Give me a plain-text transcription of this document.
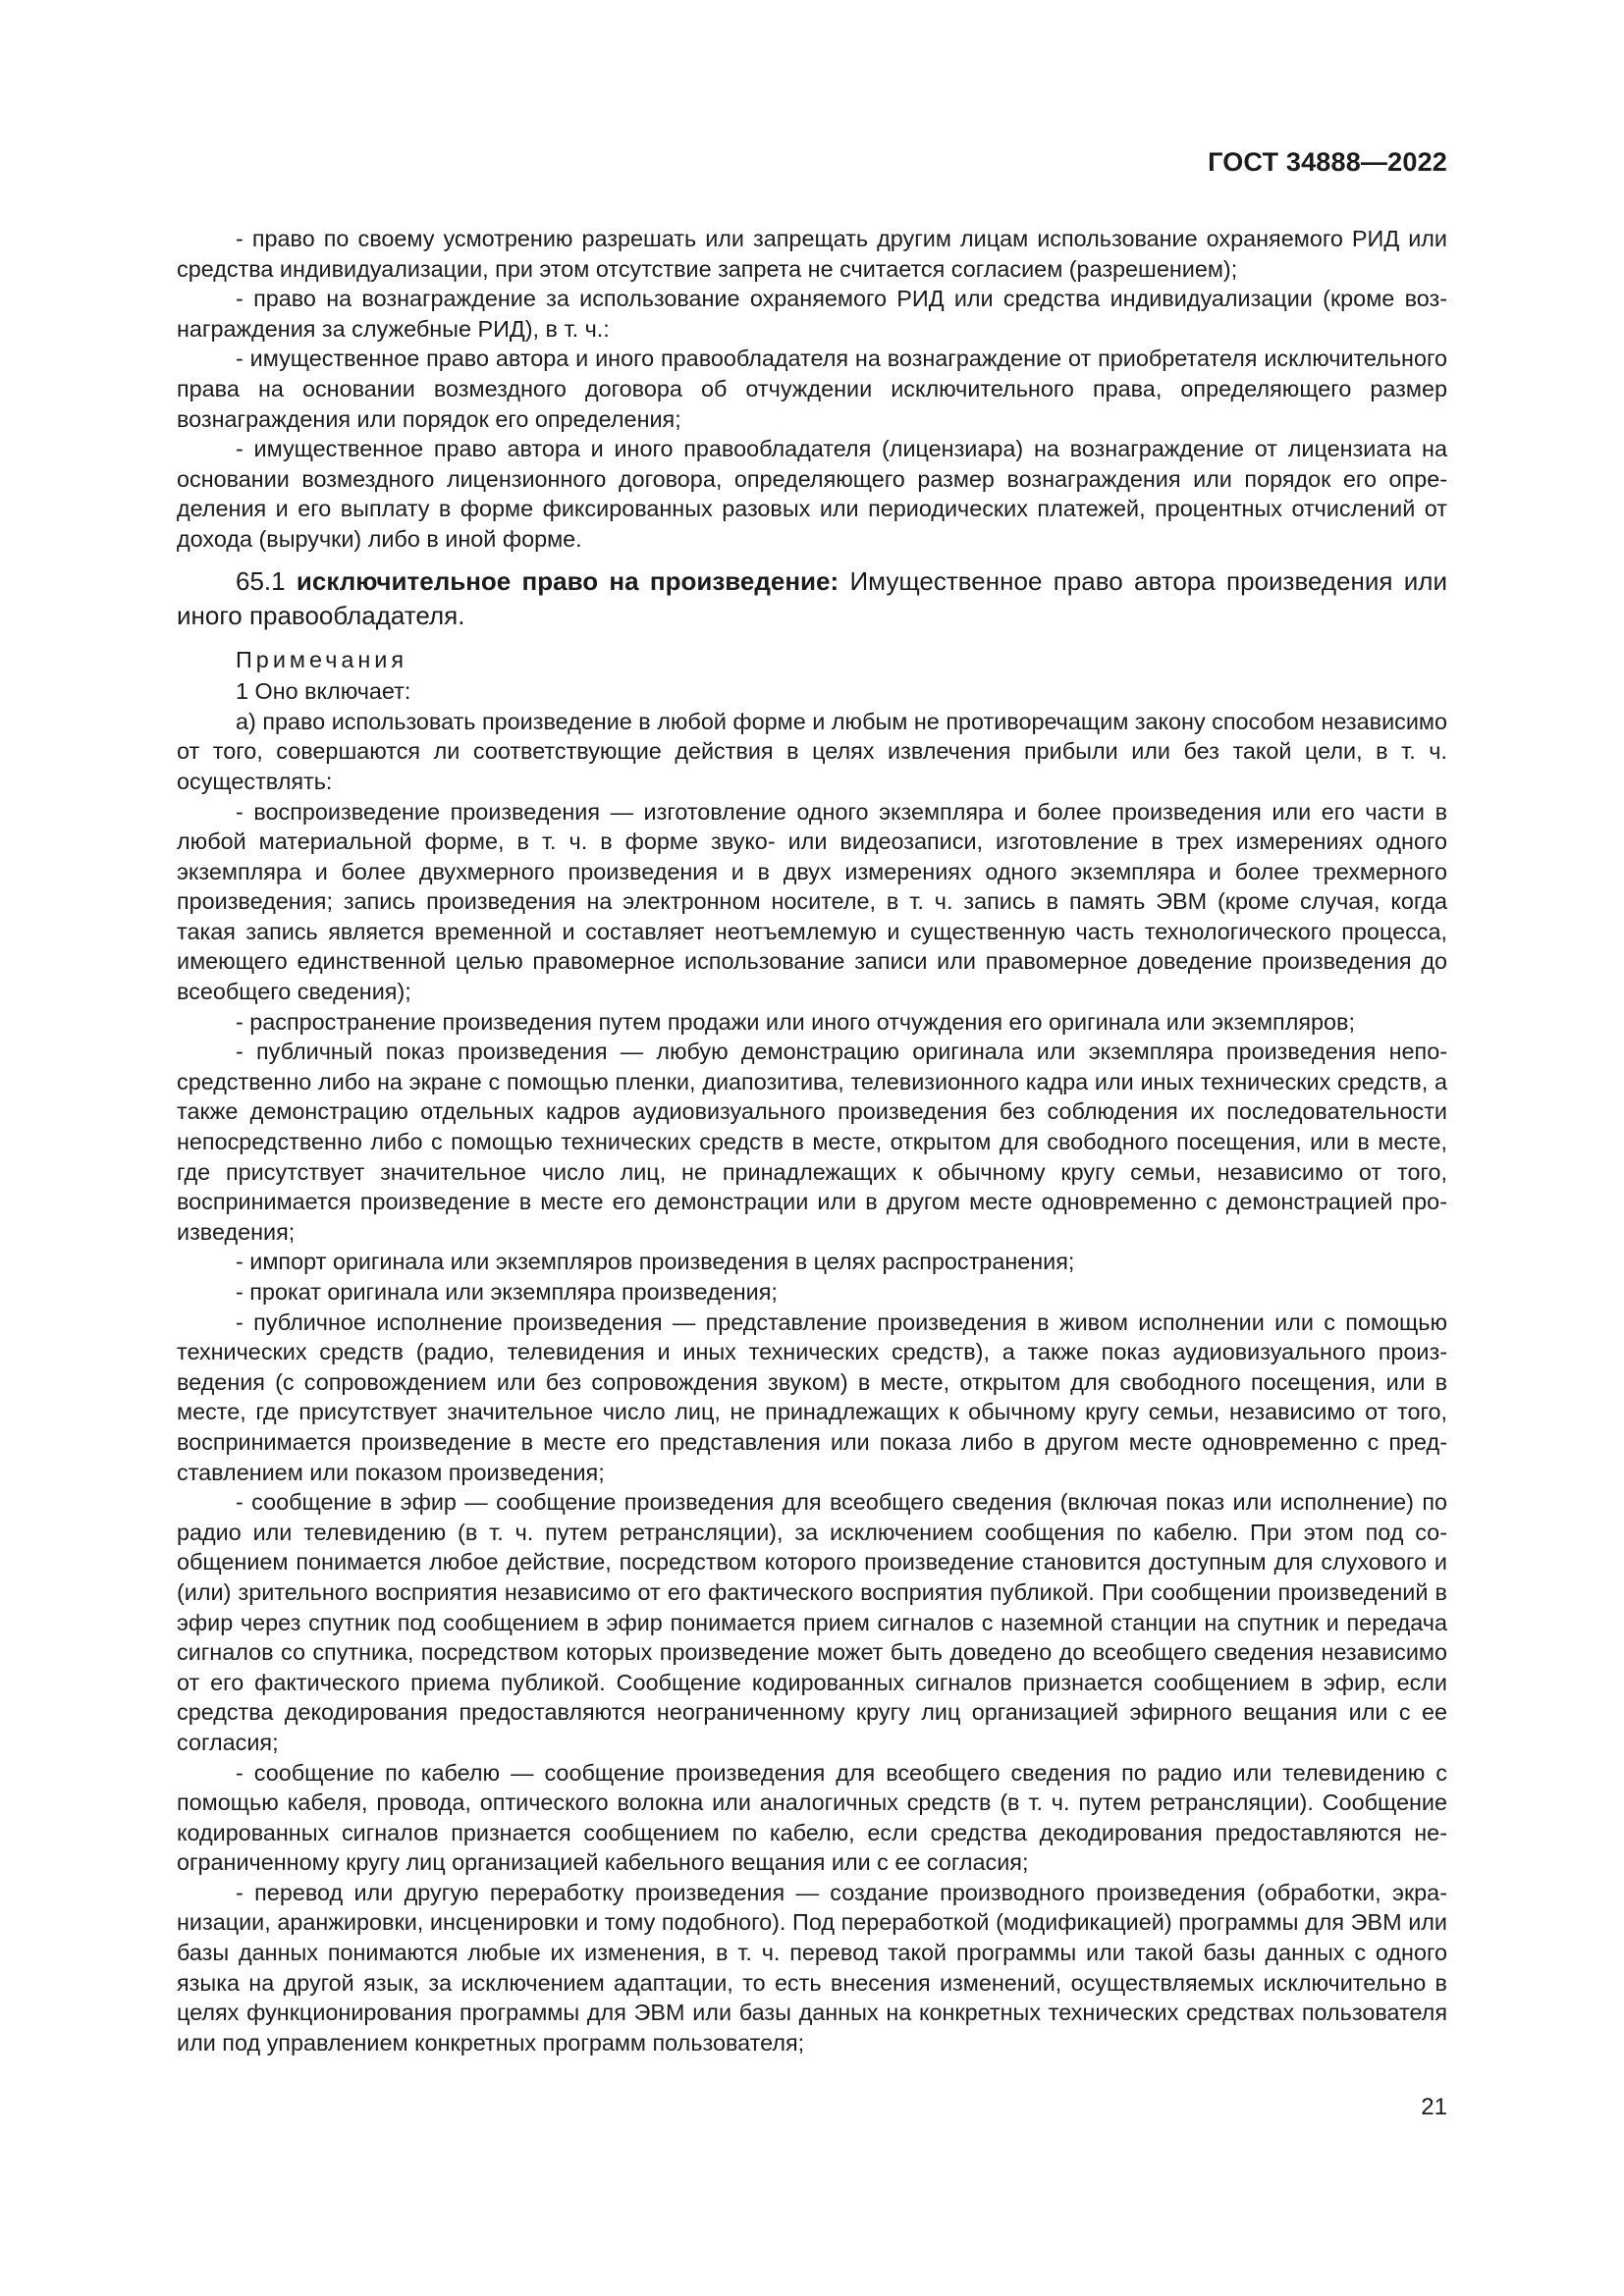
ГОСТ 34888—2022

- право по своему усмотрению разрешать или запрещать другим лицам использование охраняемого РИД или средства индивидуализации, при этом отсутствие запрета не считается согласием (разрешением);

- право на вознаграждение за использование охраняемого РИД или средства индивидуализации (кроме вознаграждения за служебные РИД), в т. ч.:

- имущественное право автора и иного правообладателя на вознаграждение от приобретателя исключительного права на основании возмездного договора об отчуждении исключительного права, определяющего размер вознаграждения или порядок его определения;

- имущественное право автора и иного правообладателя (лицензиара) на вознаграждение от лицензиата на основании возмездного лицензионного договора, определяющего размер вознаграждения или порядок его определения и его выплату в форме фиксированных разовых или периодических платежей, процентных отчислений от дохода (выручки) либо в иной форме.

65.1 исключительное право на произведение: Имущественное право автора произведения или иного правообладателя.

Примечания

1 Оно включает:

а) право использовать произведение в любой форме и любым не противоречащим закону способом независимо от того, совершаются ли соответствующие действия в целях извлечения прибыли или без такой цели, в т. ч. осуществлять:

- воспроизведение произведения — изготовление одного экземпляра и более произведения или его части в любой материальной форме, в т. ч. в форме звуко- или видеозаписи, изготовление в трех измерениях одного экземпляра и более двухмерного произведения и в двух измерениях одного экземпляра и более трехмерного произведения; запись произведения на электронном носителе, в т. ч. запись в память ЭВМ (кроме случая, когда такая запись является временной и составляет неотъемлемую и существенную часть технологического процесса, имеющего единственной целью правомерное использование записи или правомерное доведение произведения до всеобщего сведения);

- распространение произведения путем продажи или иного отчуждения его оригинала или экземпляров;

- публичный показ произведения — любую демонстрацию оригинала или экземпляра произведения непосредственно либо на экране с помощью пленки, диапозитива, телевизионного кадра или иных технических средств, а также демонстрацию отдельных кадров аудиовизуального произведения без соблюдения их последовательности непосредственно либо с помощью технических средств в месте, открытом для свободного посещения, или в месте, где присутствует значительное число лиц, не принадлежащих к обычному кругу семьи, независимо от того, воспринимается произведение в месте его демонстрации или в другом месте одновременно с демонстрацией произведения;

- импорт оригинала или экземпляров произведения в целях распространения;

- прокат оригинала или экземпляра произведения;

- публичное исполнение произведения — представление произведения в живом исполнении или с помощью технических средств (радио, телевидения и иных технических средств), а также показ аудиовизуального произведения (с сопровождением или без сопровождения звуком) в месте, открытом для свободного посещения, или в месте, где присутствует значительное число лиц, не принадлежащих к обычному кругу семьи, независимо от того, воспринимается произведение в месте его представления или показа либо в другом месте одновременно с представлением или показом произведения;

- сообщение в эфир — сообщение произведения для всеобщего сведения (включая показ или исполнение) по радио или телевидению (в т. ч. путем ретрансляции), за исключением сообщения по кабелю. При этом под сообщением понимается любое действие, посредством которого произведение становится доступным для слухового и (или) зрительного восприятия независимо от его фактического восприятия публикой. При сообщении произведений в эфир через спутник под сообщением в эфир понимается прием сигналов с наземной станции на спутник и передача сигналов со спутника, посредством которых произведение может быть доведено до всеобщего сведения независимо от его фактического приема публикой. Сообщение кодированных сигналов признается сообщением в эфир, если средства декодирования предоставляются неограниченному кругу лиц организацией эфирного вещания или с ее согласия;

- сообщение по кабелю — сообщение произведения для всеобщего сведения по радио или телевидению с помощью кабеля, провода, оптического волокна или аналогичных средств (в т. ч. путем ретрансляции). Сообщение кодированных сигналов признается сообщением по кабелю, если средства декодирования предоставляются неограниченному кругу лиц организацией кабельного вещания или с ее согласия;

- перевод или другую переработку произведения — создание производного произведения (обработки, экранизации, аранжировки, инсценировки и тому подобного). Под переработкой (модификацией) программы для ЭВМ или базы данных понимаются любые их изменения, в т. ч. перевод такой программы или такой базы данных с одного языка на другой язык, за исключением адаптации, то есть внесения изменений, осуществляемых исключительно в целях функционирования программы для ЭВМ или базы данных на конкретных технических средствах пользователя или под управлением конкретных программ пользователя;

21
